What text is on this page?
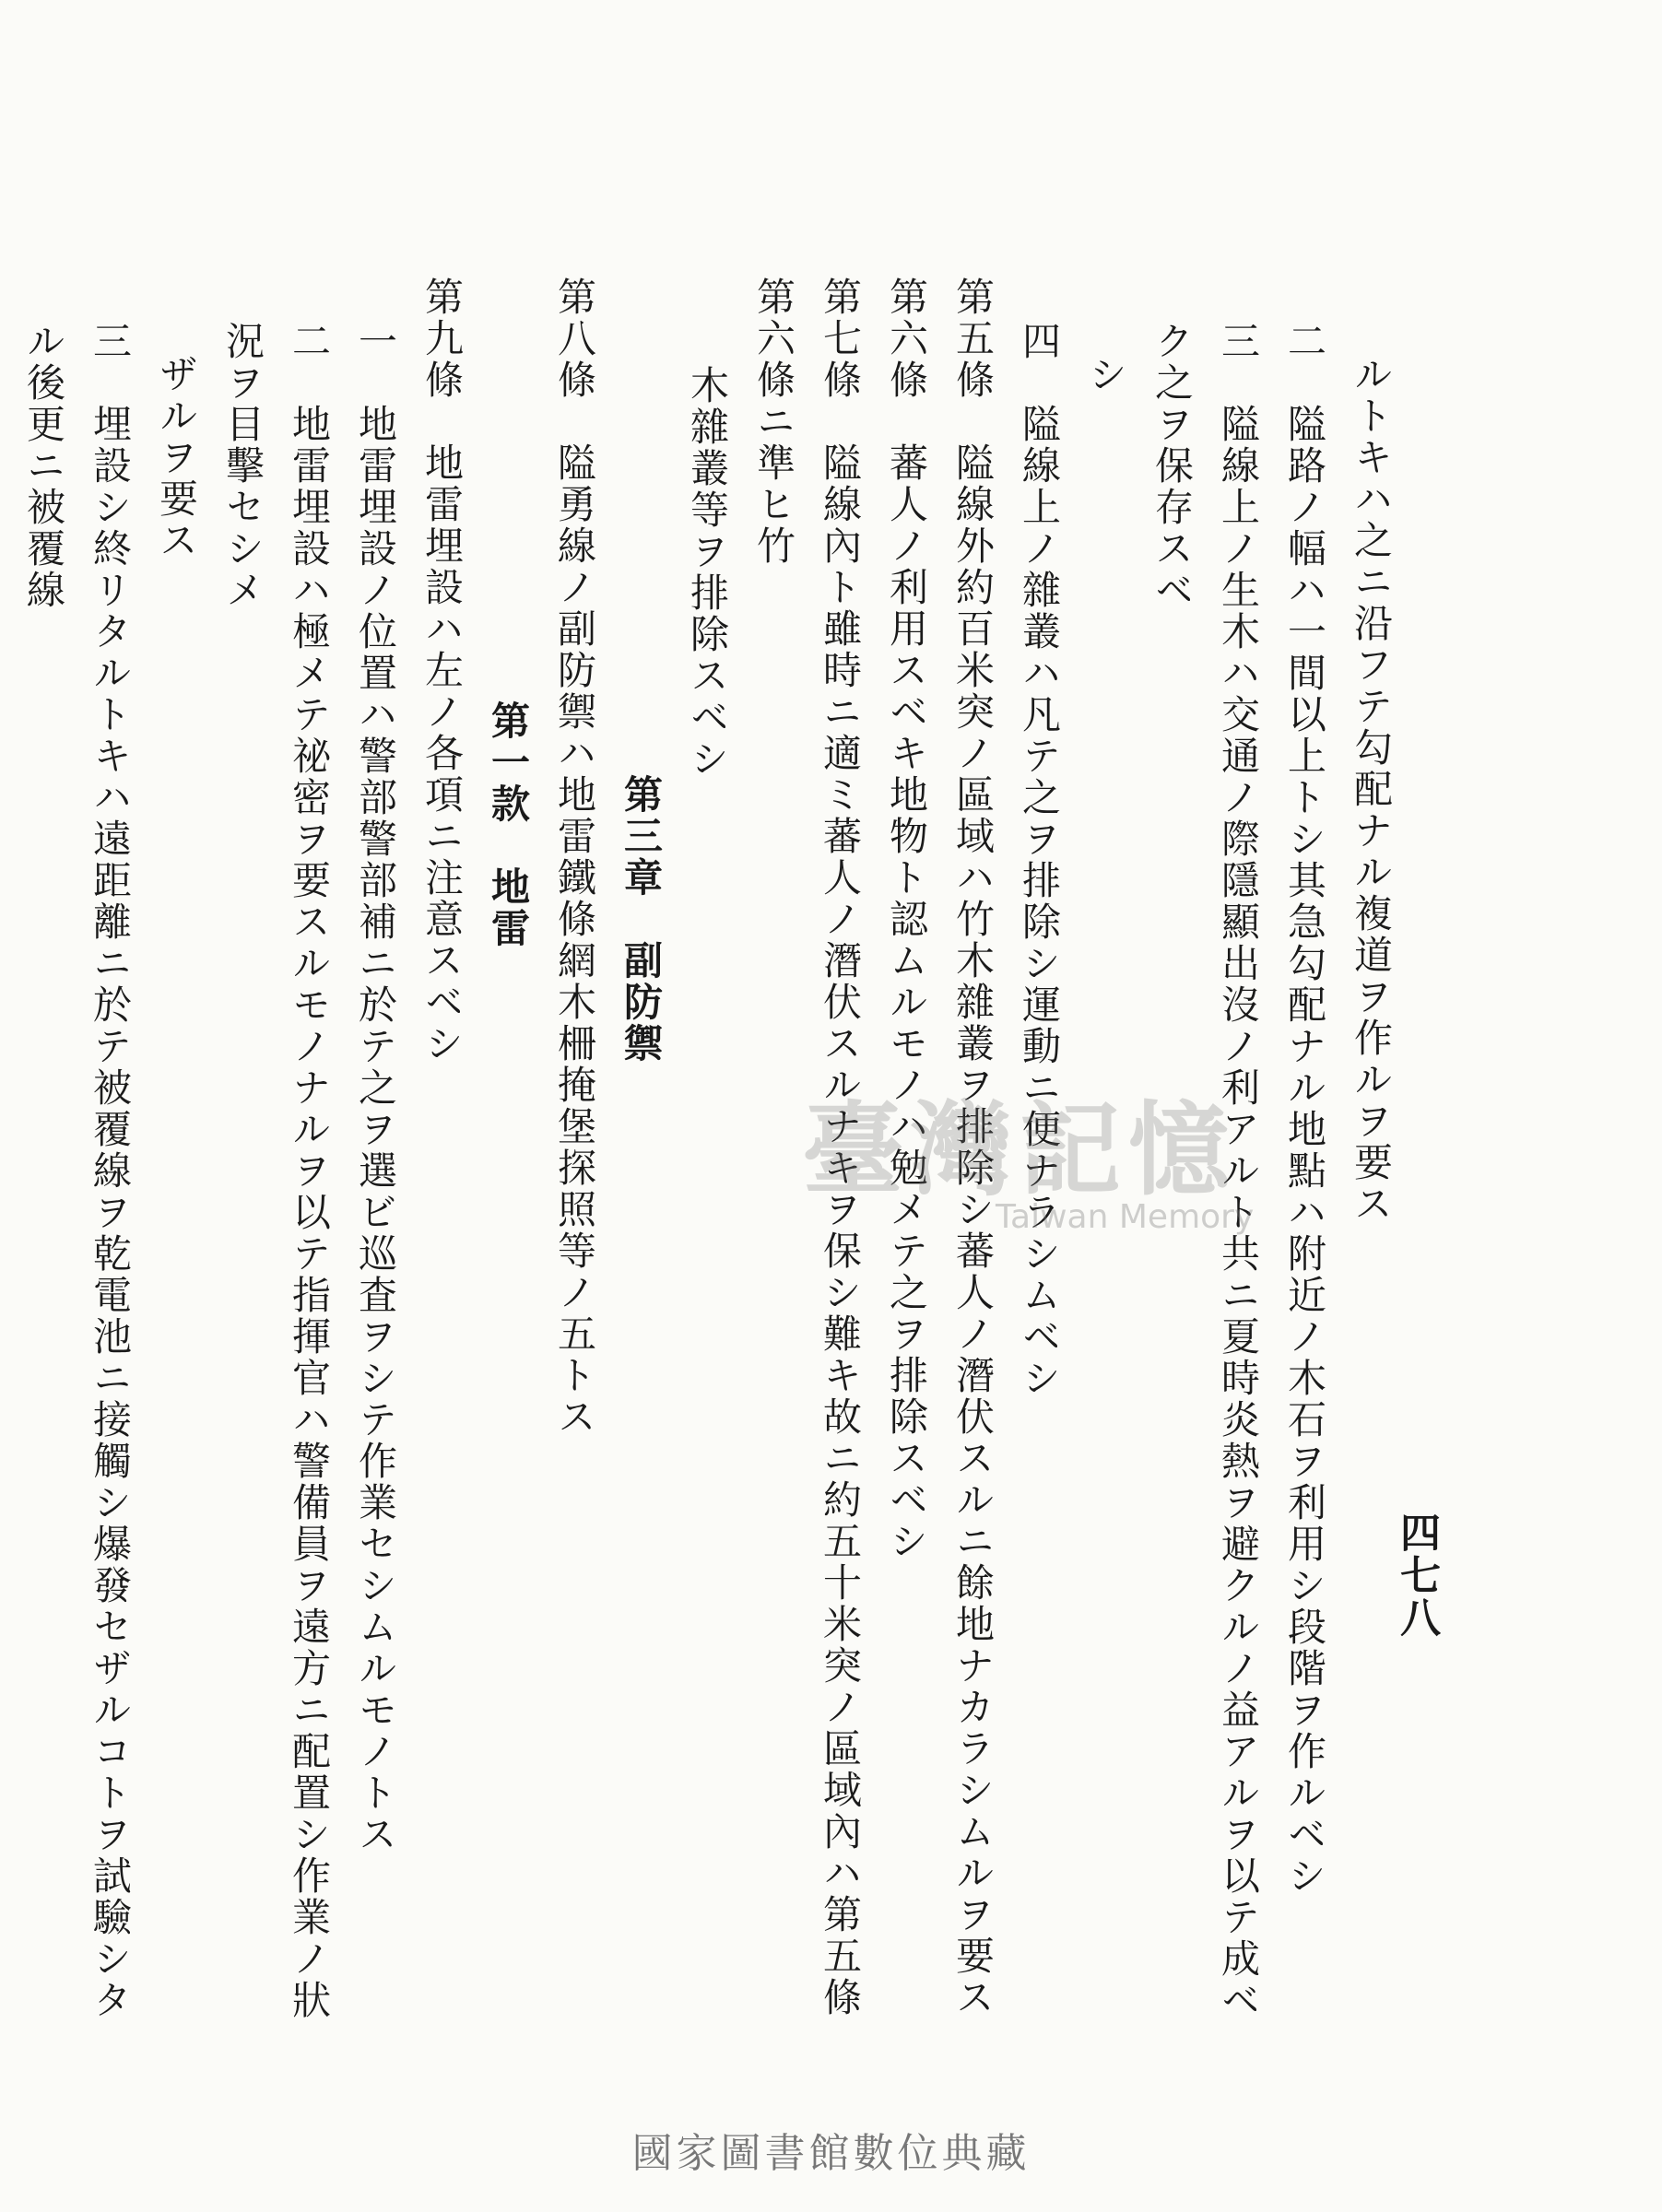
四七八
ルトキハ之ニ沿フテ勾配ナル複道ヲ作ルヲ要ス
二　隘路ノ幅ハ一間以上トシ其急勾配ナル地點ハ附近ノ木石ヲ利用シ段階ヲ作ルベシ
三　隘線上ノ生木ハ交通ノ際隱顯出沒ノ利アルト共ニ夏時炎熱ヲ避クルノ益アルヲ以テ成ベク之ヲ保存スベ
シ
四　隘線上ノ雜叢ハ凡テ之ヲ排除シ運動ニ便ナラシムベシ
第五條　隘線外約百米突ノ區域ハ竹木雜叢ヲ排除シ蕃人ノ潛伏スルニ餘地ナカラシムルヲ要ス
第六條　蕃人ノ利用スベキ地物ト認ムルモノハ勉メテ之ヲ排除スベシ
第七條　隘線內ト雖時ニ適ミ蕃人ノ潛伏スルナキヲ保シ難キ故ニ約五十米突ノ區域內ハ第五條第六條ニ準ヒ竹
木雜叢等ヲ排除スベシ
第三章　副防禦
第八條　隘勇線ノ副防禦ハ地雷鐵條網木柵掩堡探照等ノ五トス
第一款　地雷
第九條　地雷埋設ハ左ノ各項ニ注意スベシ
一　地雷埋設ノ位置ハ警部警部補ニ於テ之ヲ選ビ巡査ヲシテ作業セシムルモノトス
二　地雷埋設ハ極メテ祕密ヲ要スルモノナルヲ以テ指揮官ハ警備員ヲ遠方ニ配置シ作業ノ狀況ヲ目擊セシメ
ザルヲ要ス
三　埋設シ終リタルトキハ遠距離ニ於テ被覆線ヲ乾電池ニ接觸シ爆發セザルコトヲ試驗シタル後更ニ被覆線
臺灣記憶
Taiwan Memory
國家圖書館數位典藏
